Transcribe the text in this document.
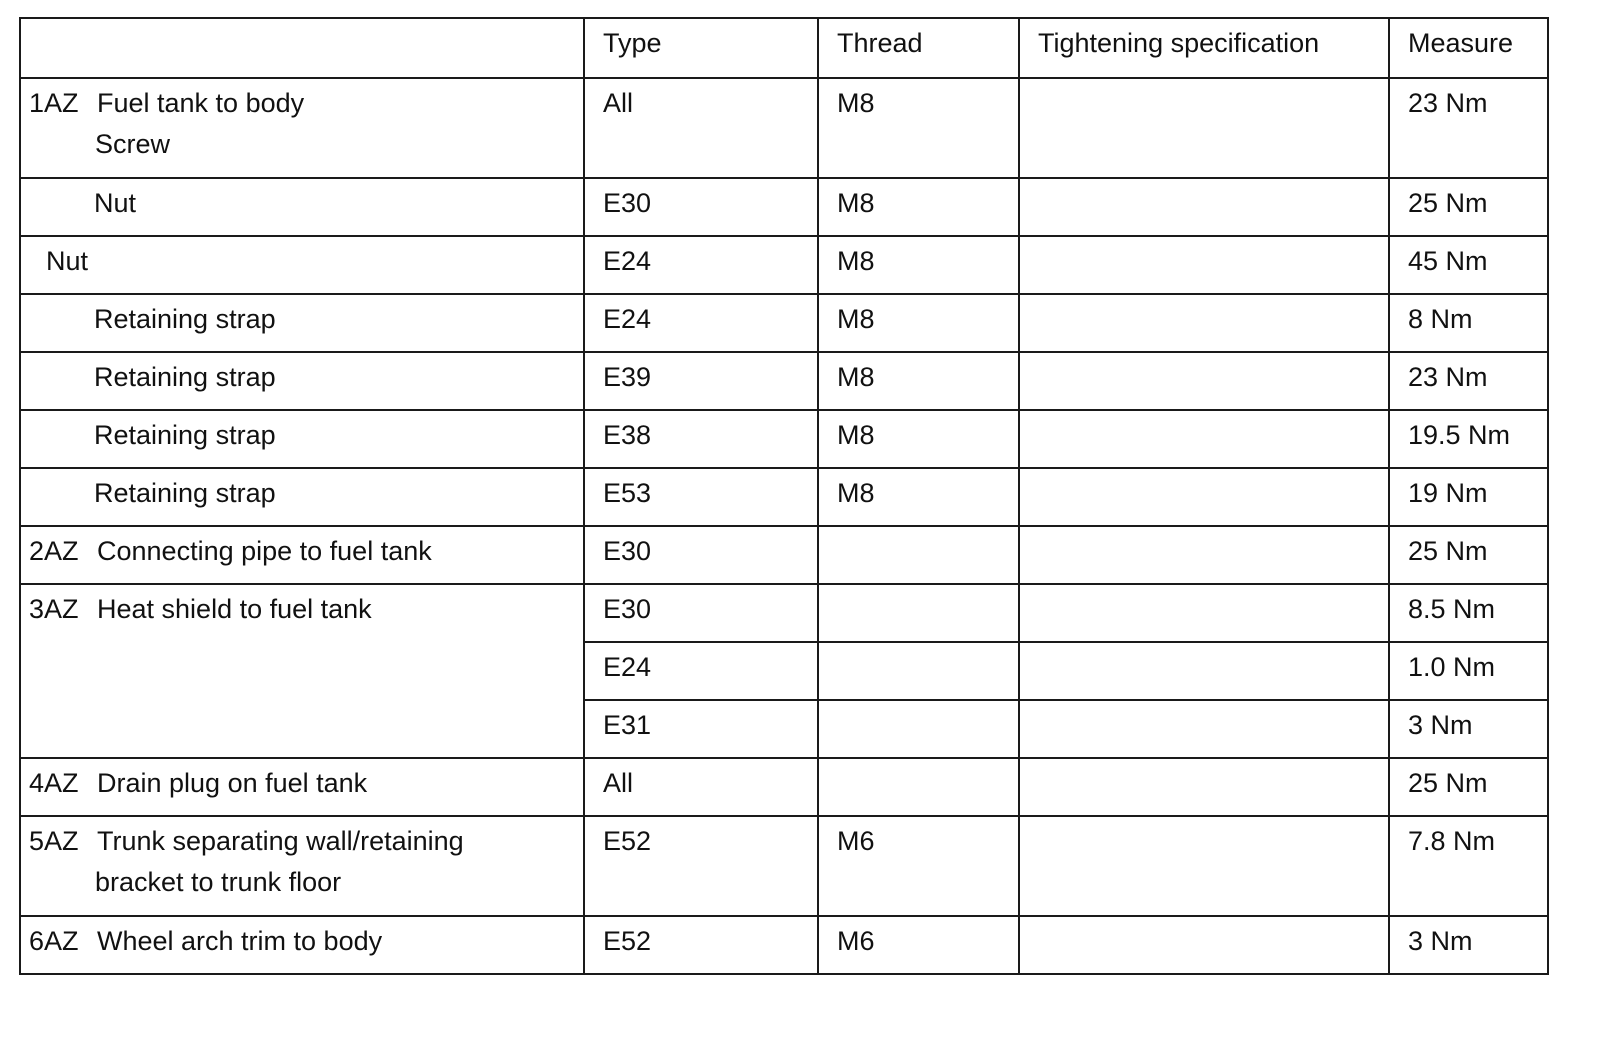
	Type	Thread	Tightening specification	Measure
1AZ Fuel tank to body
Screw	All	M8		23 Nm
Nut	E30	M8		25 Nm
Nut	E24	M8		45 Nm
Retaining strap	E24	M8		8 Nm
Retaining strap	E39	M8		23 Nm
Retaining strap	E38	M8		19.5 Nm
Retaining strap	E53	M8		19 Nm
2AZ Connecting pipe to fuel tank	E30			25 Nm
3AZ Heat shield to fuel tank	E30			8.5 Nm
	E24			1.0 Nm
	E31			3 Nm
4AZ Drain plug on fuel tank	All			25 Nm
5AZ Trunk separating wall/retaining
bracket to trunk floor	E52	M6		7.8 Nm
6AZ Wheel arch trim to body	E52	M6		3 Nm
